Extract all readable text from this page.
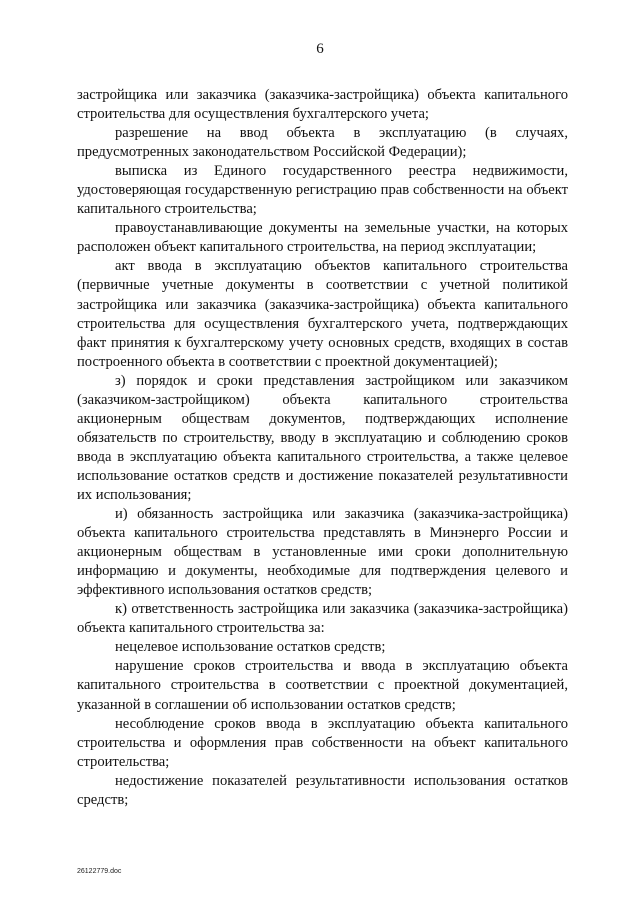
6

застройщика или заказчика (заказчика-застройщика) объекта капитального строительства для осуществления бухгалтерского учета;

разрешение на ввод объекта в эксплуатацию (в случаях, предусмотренных законодательством Российской Федерации);

выписка из Единого государственного реестра недвижимости, удостоверяющая государственную регистрацию прав собственности на объект капитального строительства;

правоустанавливающие документы на земельные участки, на которых расположен объект капитального строительства, на период эксплуатации;

акт ввода в эксплуатацию объектов капитального строительства (первичные учетные документы в соответствии с учетной политикой застройщика или заказчика (заказчика-застройщика) объекта капитального строительства для осуществления бухгалтерского учета, подтверждающих факт принятия к бухгалтерскому учету основных средств, входящих в состав построенного объекта в соответствии с проектной документацией);

з) порядок и сроки представления застройщиком или заказчиком (заказчиком-застройщиком) объекта капитального строительства акционерным обществам документов, подтверждающих исполнение обязательств по строительству, вводу в эксплуатацию и соблюдению сроков ввода в эксплуатацию объекта капитального строительства, а также целевое использование остатков средств и достижение показателей результативности их использования;

и) обязанность застройщика или заказчика (заказчика-застройщика) объекта капитального строительства представлять в Минэнерго России и акционерным обществам в установленные ими сроки дополнительную информацию и документы, необходимые для подтверждения целевого и эффективного использования остатков средств;

к) ответственность застройщика или заказчика (заказчика-застройщика) объекта капитального строительства за:

нецелевое использование остатков средств;

нарушение сроков строительства и ввода в эксплуатацию объекта капитального строительства в соответствии с проектной документацией, указанной в соглашении об использовании остатков средств;

несоблюдение сроков ввода в эксплуатацию объекта капитального строительства и оформления прав собственности на объект капитального строительства;

недостижение показателей результативности использования остатков средств;

26122779.doc
